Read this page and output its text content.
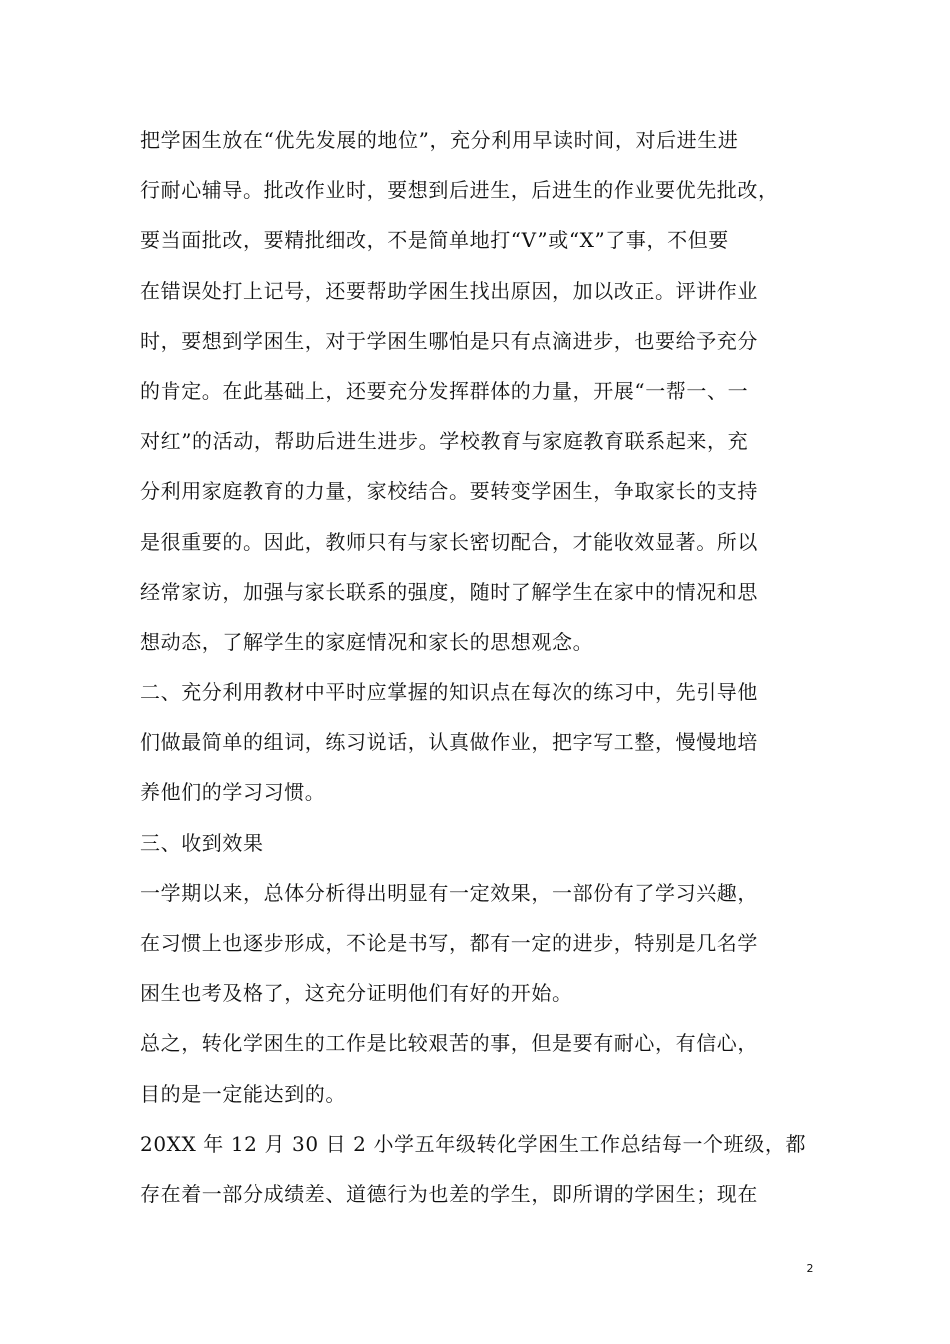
把学困生放在“优先发展的地位”，充分利用早读时间，对后进生进
行耐心辅导。批改作业时，要想到后进生，后进生的作业要优先批改，
要当面批改，要精批细改，不是简单地打“V”或“X”了事，不但要
在错误处打上记号，还要帮助学困生找出原因，加以改正。评讲作业
时，要想到学困生，对于学困生哪怕是只有点滴进步，也要给予充分
的肯定。在此基础上，还要充分发挥群体的力量，开展“一帮一、一
对红”的活动，帮助后进生进步。学校教育与家庭教育联系起来，充
分利用家庭教育的力量，家校结合。要转变学困生，争取家长的支持
是很重要的。因此，教师只有与家长密切配合，才能收效显著。所以
经常家访，加强与家长联系的强度，随时了解学生在家中的情况和思
想动态，了解学生的家庭情况和家长的思想观念。
二、充分利用教材中平时应掌握的知识点在每次的练习中，先引导他
们做最简单的组词，练习说话，认真做作业，把字写工整，慢慢地培
养他们的学习习惯。
三、收到效果
一学期以来，总体分析得出明显有一定效果，一部份有了学习兴趣，
在习惯上也逐步形成，不论是书写，都有一定的进步，特别是几名学
困生也考及格了，这充分证明他们有好的开始。
总之，转化学困生的工作是比较艰苦的事，但是要有耐心，有信心，
目的是一定能达到的。
20XX 年 12 月 30 日 2 小学五年级转化学困生工作总结每一个班级，都
存在着一部分成绩差、道德行为也差的学生，即所谓的学困生；现在
2
